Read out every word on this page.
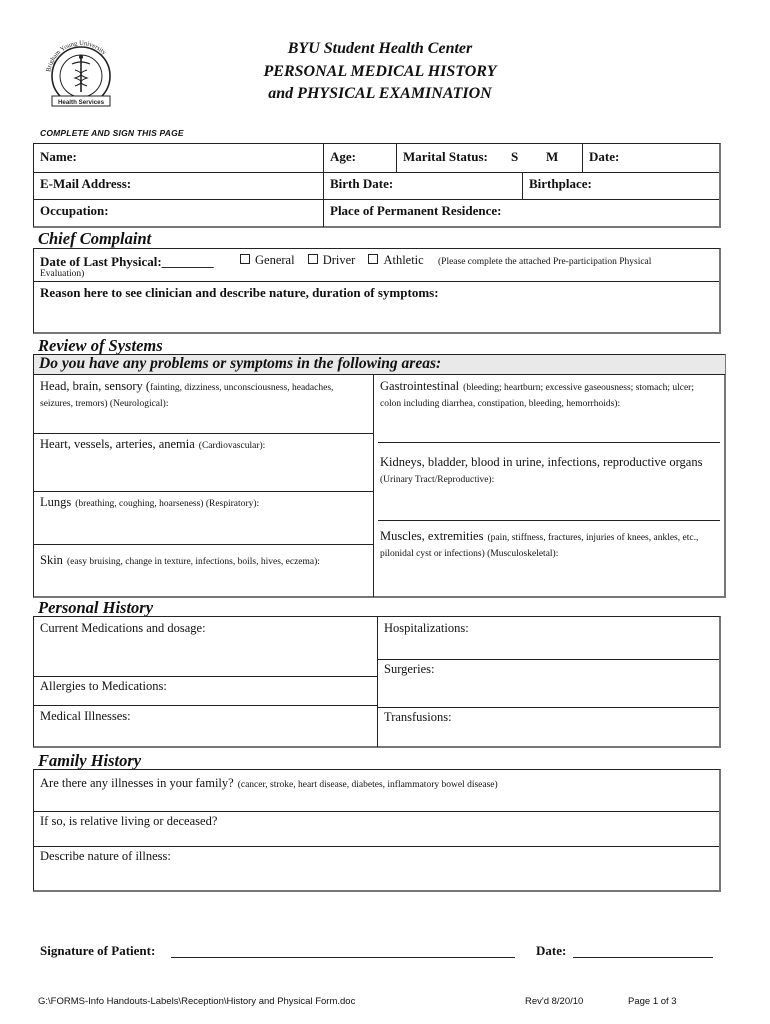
Brigham Young University
Health Services
BYU Student Health Center
PERSONAL MEDICAL HISTORY
and PHYSICAL EXAMINATION
COMPLETE AND SIGN THIS PAGE
Name:	Age:	Marital Status: S M Date:
E-Mail Address:	Birth Date:	Birthplace:
Occupation:	Place of Permanent Residence:
Chief Complaint
Date of Last Physical:________	General Driver Athletic (Please complete the attached Pre-participation Physical
Evaluation)
Reason here to see clinician and describe nature, duration of symptoms:
Review of Systems
Do you have any problems or symptoms in the following areas:
Head, brain, sensory (fainting, dizziness, unconsciousness, headaches,
seizures, tremors) (Neurological):
Heart, vessels, arteries, anemia (Cardiovascular):
Lungs (breathing, coughing, hoarseness) (Respiratory):
Skin (easy bruising, change in texture, infections, boils, hives, eczema):
Gastrointestinal (bleeding; heartburn; excessive gaseousness; stomach; ulcer;
colon including diarrhea, constipation, bleeding, hemorrhoids):
Kidneys, bladder, blood in urine, infections, reproductive organs
(Urinary Tract/Reproductive):
Muscles, extremities (pain, stiffness, fractures, injuries of knees, ankles, etc.,
pilonidal cyst or infections) (Musculoskeletal):
Personal History
Current Medications and dosage:
Allergies to Medications:
Medical Illnesses:
Hospitalizations:
Surgeries:
Transfusions:
Family History
Are there any illnesses in your family? (cancer, stroke, heart disease, diabetes, inflammatory bowel disease)
If so, is relative living or deceased?
Describe nature of illness:
Signature of Patient:	Date:
G:\FORMS-Info Handouts-Labels\Reception\History and Physical Form.doc	Rev'd 8/20/10	Page 1 of 3
